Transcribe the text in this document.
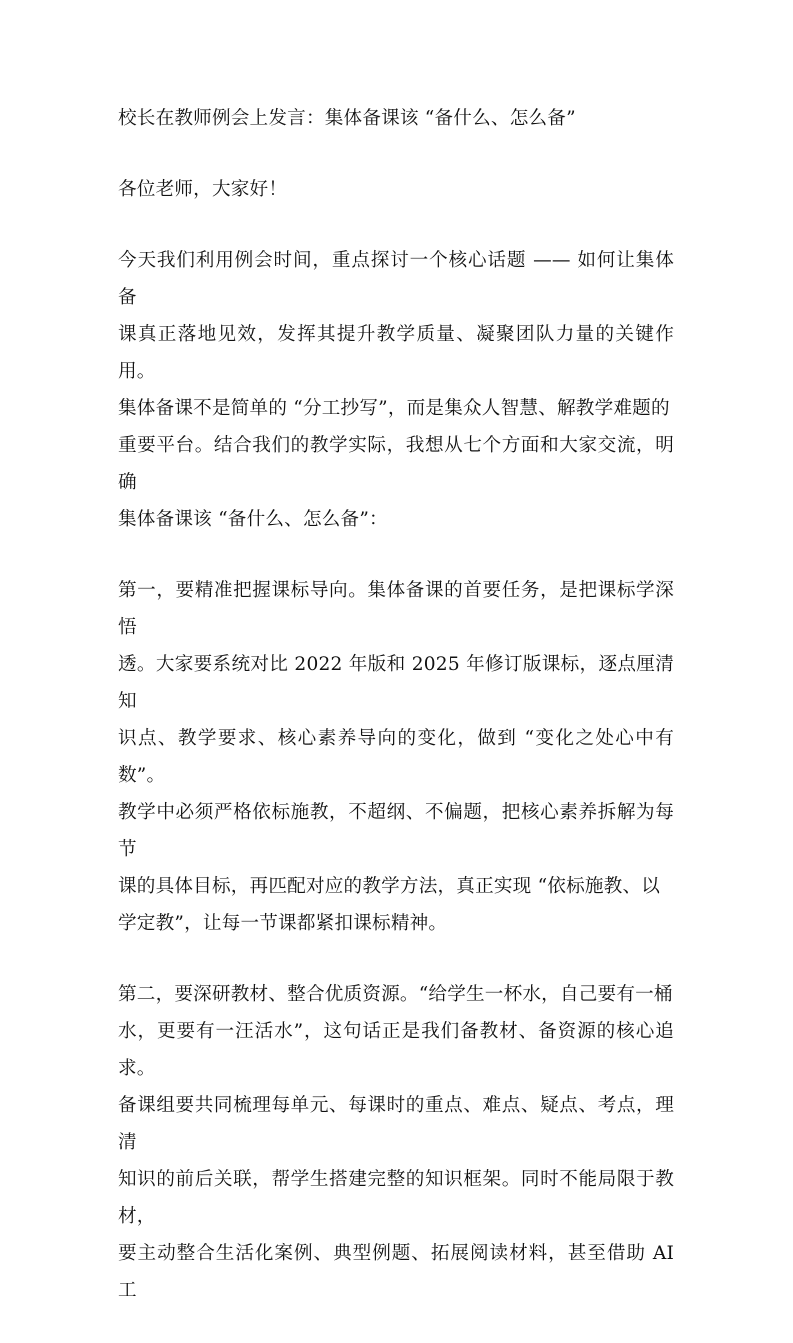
校长在教师例会上发言：集体备课该 “备什么、怎么备”

各位老师，大家好！

今天我们利用例会时间，重点探讨一个核心话题 —— 如何让集体备
课真正落地见效，发挥其提升教学质量、凝聚团队力量的关键作用。
集体备课不是简单的 “分工抄写”，而是集众人智慧、解教学难题的
重要平台。结合我们的教学实际，我想从七个方面和大家交流，明确
集体备课该 “备什么、怎么备”：
第一，要精准把握课标导向。集体备课的首要任务，是把课标学深悟
透。大家要系统对比 2022 年版和 2025 年修订版课标，逐点厘清知
识点、教学要求、核心素养导向的变化，做到 “变化之处心中有数”。
教学中必须严格依标施教，不超纲、不偏题，把核心素养拆解为每节
课的具体目标，再匹配对应的教学方法，真正实现 “依标施教、以
学定教”，让每一节课都紧扣课标精神。
第二，要深研教材、整合优质资源。“给学生一杯水，自己要有一桶
水，更要有一汪活水”，这句话正是我们备教材、备资源的核心追求。
备课组要共同梳理每单元、每课时的重点、难点、疑点、考点，理清
知识的前后关联，帮学生搭建完整的知识框架。同时不能局限于教材，
要主动整合生活化案例、典型例题、拓展阅读材料，甚至借助 AI 工
